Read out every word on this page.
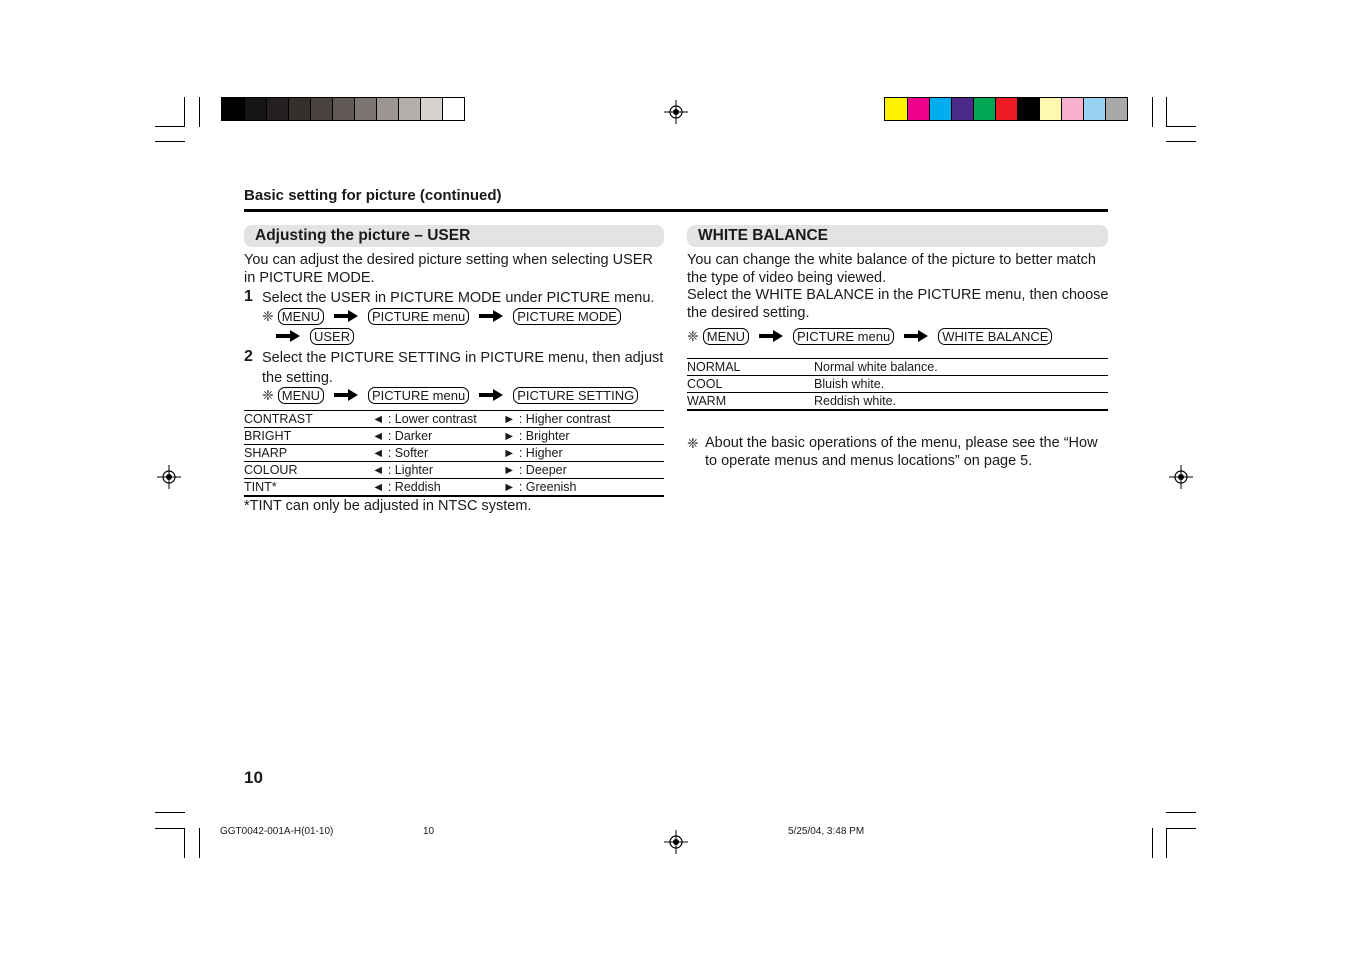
Basic setting for picture (continued)
Adjusting the picture – USER
You can adjust the desired picture setting when selecting USER
in PICTURE MODE.
1 Select the USER in PICTURE MODE under PICTURE menu.
❈ MENU	PICTURE menu	PICTURE MODE
USER
2 Select the PICTURE SETTING in PICTURE menu, then adjust
the setting.
❈ MENU	PICTURE menu	PICTURE SETTING
CONTRAST	◄ : Lower contrast	► : Higher contrast
BRIGHT	◄ : Darker	► : Brighter
SHARP	◄ : Softer	► : Higher
COLOUR	◄ : Lighter	► : Deeper
TINT*	◄ : Reddish	► : Greenish
*TINT can only be adjusted in NTSC system.
WHITE BALANCE
You can change the white balance of the picture to better match
the type of video being viewed.
Select the WHITE BALANCE in the PICTURE menu, then choose
the desired setting.
❈ MENU	PICTURE menu	WHITE BALANCE
NORMAL	Normal white balance.
COOL	Bluish white.
WARM	Reddish white.
❈ About the basic operations of the menu, please see the “How
to operate menus and menus locations” on page 5.
10
GGT0042-001A-H(01-10)	10	5/25/04, 3:48 PM
